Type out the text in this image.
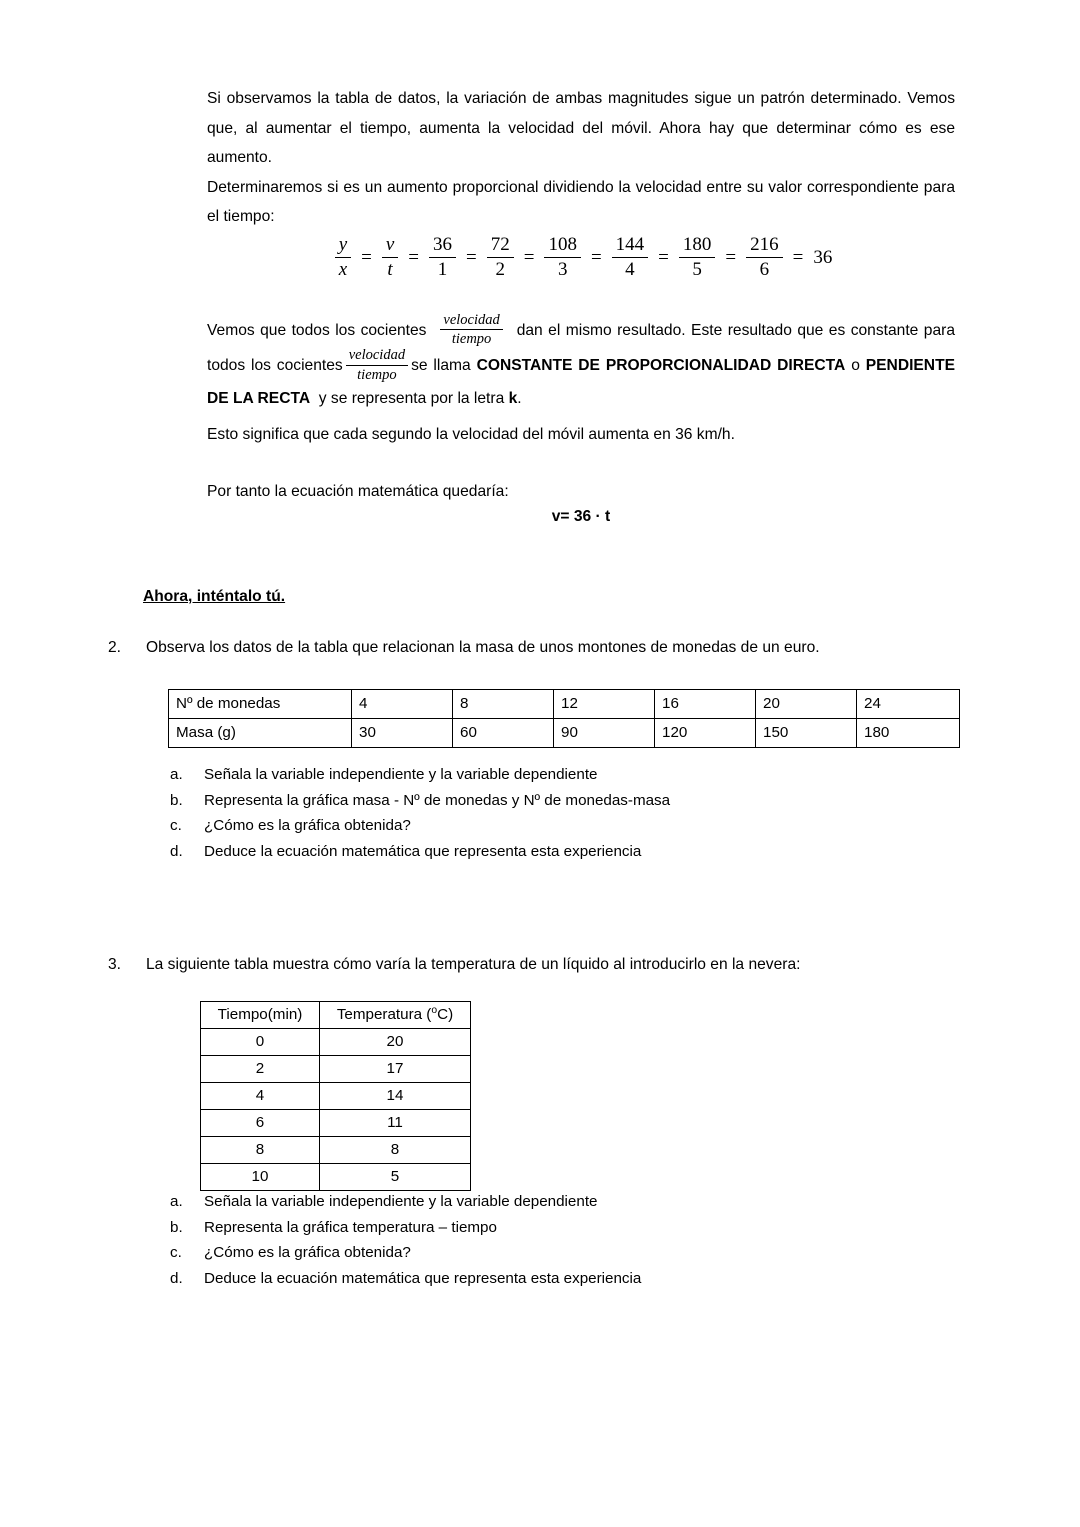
Si observamos la tabla de datos, la variación de ambas magnitudes sigue un patrón determinado. Vemos que, al aumentar el tiempo, aumenta la velocidad del móvil. Ahora hay que determinar cómo es ese aumento.

Determinaremos si es un aumento proporcional dividiendo la velocidad entre su valor correspondiente para el tiempo:

$\frac{y}{x} = \frac{v}{t} = \frac{36}{1} = \frac{72}{2} = \frac{108}{3} = \frac{144}{4} = \frac{180}{5} = \frac{216}{6} = 36$

Vemos que todos los cocientes $\frac{\text{velocidad}}{\text{tiempo}}$ dan el mismo resultado. Este resultado que es constante para todos los cocientes $\frac{\text{velocidad}}{\text{tiempo}}$ se llama CONSTANTE DE PROPORCIONALIDAD DIRECTA o PENDIENTE DE LA RECTA y se representa por la letra k.

Esto significa que cada segundo la velocidad del móvil aumenta en 36 km/h.

Por tanto la ecuación matemática quedaría:

v= 36 · t
Ahora, inténtalo tú.
2.	Observa los datos de la tabla que relacionan la masa de unos montones de monedas de un euro.
Nº de monedas	4	8	12	16	20	24
Masa (g)	30	60	90	120	150	180
a.	Señala la variable independiente y la variable dependiente
b.	Representa la gráfica masa - Nº de monedas y Nº de monedas-masa
c.	¿Cómo es la gráfica obtenida?
d.	Deduce la ecuación matemática que representa esta experiencia
3.	La siguiente tabla muestra cómo varía la temperatura de un líquido al introducirlo en la nevera:
Tiempo(min)	Temperatura ($^o$C)
0	20
2	17
4	14
6	11
8	8
10	5
a.	Señala la variable independiente y la variable dependiente
b.	Representa la gráfica temperatura – tiempo
c.	¿Cómo es la gráfica obtenida?
d.	Deduce la ecuación matemática que representa esta experiencia
